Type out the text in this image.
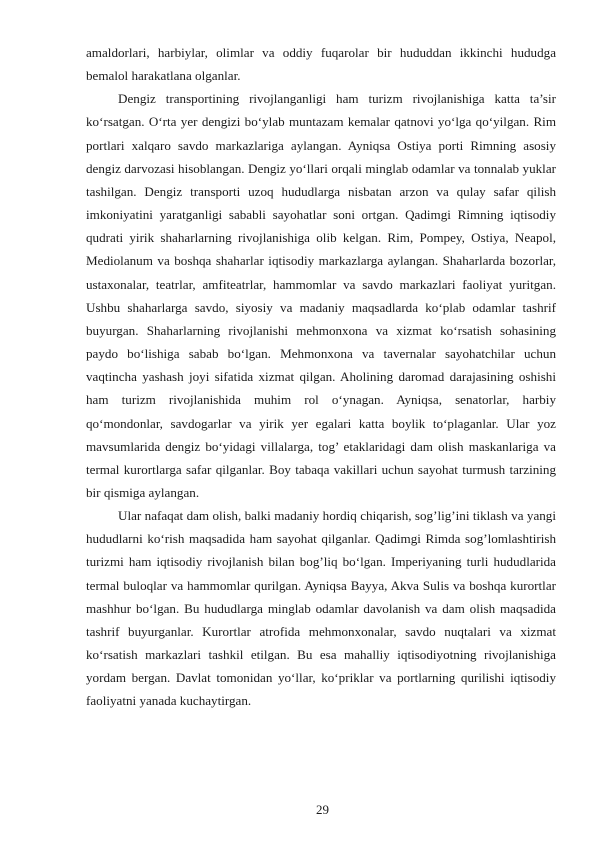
amaldorlari, harbiylar, olimlar va oddiy fuqarolar bir hududdan ikkinchi hududga bemalol harakatlana olganlar.

Dengiz transportining rivojlanganligi ham turizm rivojlanishiga katta ta’sir ko‘rsatgan. O‘rta yer dengizi bo‘ylab muntazam kemalar qatnovi yo‘lga qo‘yilgan. Rim portlari xalqaro savdo markazlariga aylangan. Ayniqsa Ostiya porti Rimning asosiy dengiz darvozasi hisoblangan. Dengiz yo‘llari orqali minglab odamlar va tonnalab yuklar tashilgan. Dengiz transporti uzoq hududlarga nisbatan arzon va qulay safar qilish imkoniyatini yaratganligi sababli sayohatlar soni ortgan. Qadimgi Rimning iqtisodiy qudrati yirik shaharlarning rivojlanishiga olib kelgan. Rim, Pompey, Ostiya, Neapol, Mediolanum va boshqa shaharlar iqtisodiy markazlarga aylangan. Shaharlarda bozorlar, ustaxonalar, teatrlar, amfiteatrlar, hammomlar va savdo markazlari faoliyat yuritgan. Ushbu shaharlarga savdo, siyosiy va madaniy maqsadlarda ko‘plab odamlar tashrif buyurgan. Shaharlarning rivojlanishi mehmonxona va xizmat ko‘rsatish sohasining paydo bo‘lishiga sabab bo‘lgan. Mehmonxona va tavernalar sayohatchilar uchun vaqtincha yashash joyi sifatida xizmat qilgan. Aholining daromad darajasining oshishi ham turizm rivojlanishida muhim rol o‘ynagan. Ayniqsa, senatorlar, harbiy qo‘mondonlar, savdogarlar va yirik yer egalari katta boylik to‘plaganlar. Ular yoz mavsumlarida dengiz bo‘yidagi villalarga, tog’ etaklaridagi dam olish maskanlariga va termal kurortlarga safar qilganlar. Boy tabaqa vakillari uchun sayohat turmush tarzining bir qismiga aylangan.

Ular nafaqat dam olish, balki madaniy hordiq chiqarish, sog’lig’ini tiklash va yangi hududlarni ko‘rish maqsadida ham sayohat qilganlar. Qadimgi Rimda sog’lomlashtirish turizmi ham iqtisodiy rivojlanish bilan bog’liq bo‘lgan. Imperiyaning turli hududlarida termal buloqlar va hammomlar qurilgan. Ayniqsa Bayya, Akva Sulis va boshqa kurortlar mashhur bo‘lgan. Bu hududlarga minglab odamlar davolanish va dam olish maqsadida tashrif buyurganlar. Kurortlar atrofida mehmonxonalar, savdo nuqtalari va xizmat ko‘rsatish markazlari tashkil etilgan. Bu esa mahalliy iqtisodiyotning rivojlanishiga yordam bergan. Davlat tomonidan yo‘llar, ko‘priklar va portlarning qurilishi iqtisodiy faoliyatni yanada kuchaytirgan.

29
